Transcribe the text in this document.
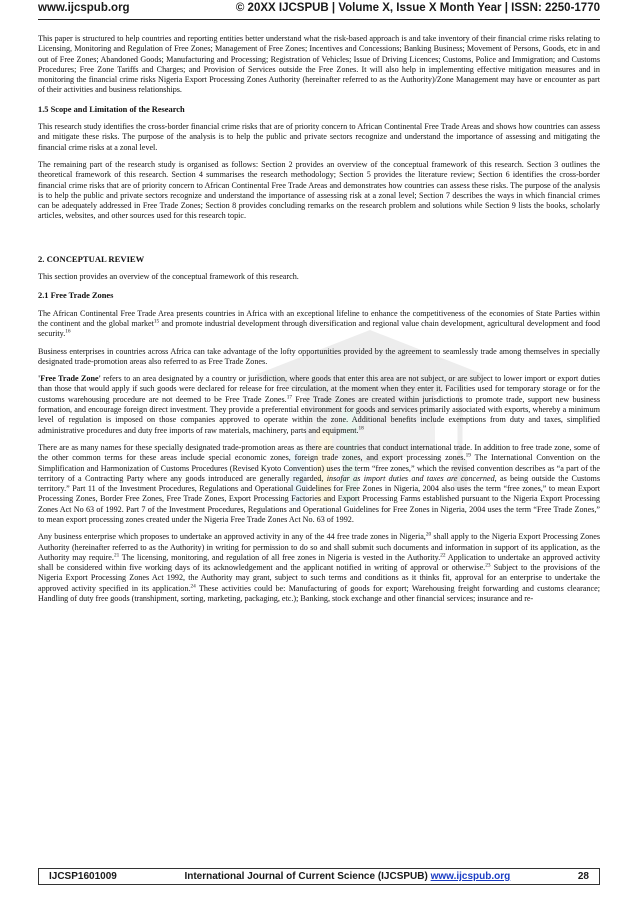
www.ijcspub.org	© 20XX IJCSPUB | Volume X, Issue X Month Year | ISSN: 2250-1770

This paper is structured to help countries and reporting entities better understand what the risk-based approach is and take inventory of their financial crime risks relating to Licensing, Monitoring and Regulation of Free Zones; Management of Free Zones; Incentives and Concessions; Banking Business; Movement of Persons, Goods, etc in and out of Free Zones; Abandoned Goods; Manufacturing and Processing; Registration of Vehicles; Issue of Driving Licences; Customs, Police and Immigration; and Customs Procedures; Free Zone Tariffs and Charges; and Provision of Services outside the Free Zones. It will also help in implementing effective mitigation measures and in monitoring the financial crime risks Nigeria Export Processing Zones Authority (hereinafter referred to as the Authority)/Zone Management may have or encounter as part of their activities and business relationships.

1.5 Scope and Limitation of the Research

This research study identifies the cross-border financial crime risks that are of priority concern to African Continental Free Trade Areas and shows how countries can assess and mitigate these risks. The purpose of the analysis is to help the public and private sectors recognize and understand the importance of assessing and mitigating the financial crime risks at a zonal level.

The remaining part of the research study is organised as follows: Section 2 provides an overview of the conceptual framework of this research. Section 3 outlines the theoretical framework of this research. Section 4 summarises the research methodology; Section 5 provides the literature review; Section 6 identifies the cross-border financial crime risks that are of priority concern to African Continental Free Trade Areas and demonstrates how countries can assess these risks. The purpose of the analysis is to help the public and private sectors recognize and understand the importance of assessing risk at a zonal level; Section 7 describes the ways in which financial crimes can be adequately addressed in Free Trade Zones; Section 8 provides concluding remarks on the research problem and solutions while Section 9 lists the books, scholarly articles, websites, and other sources used for this research topic.

2. CONCEPTUAL REVIEW

This section provides an overview of the conceptual framework of this research.

2.1 Free Trade Zones

The African Continental Free Trade Area presents countries in Africa with an exceptional lifeline to enhance the competitiveness of the economies of State Parties within the continent and the global market$^{15}$ and promote industrial development through diversification and regional value chain development, agricultural development and food security.$^{16}$

Business enterprises in countries across Africa can take advantage of the lofty opportunities provided by the agreement to seamlessly trade among themselves in specially designated trade-promotion areas also referred to as Free Trade Zones.

'Free Trade Zone' refers to an area designated by a country or jurisdiction, where goods that enter this area are not subject, or are subject to lower import or export duties than those that would apply if such goods were declared for release for free circulation, at the moment when they enter it. Facilities used for temporary storage or for the customs warehousing procedure are not deemed to be Free Trade Zones.$^{17}$ Free Trade Zones are created within jurisdictions to promote trade, support new business formation, and encourage foreign direct investment. They provide a preferential environment for goods and services primarily associated with exports, whereby a minimum level of regulation is imposed on those companies approved to operate within the zone. Additional benefits include exemptions from duty and taxes, simplified administrative procedures and duty free imports of raw materials, machinery, parts and equipment.$^{18}$

There are as many names for these specially designated trade-promotion areas as there are countries that conduct international trade. In addition to free trade zone, some of the other common terms for these areas include special economic zones, foreign trade zones, and export processing zones.$^{19}$ The International Convention on the Simplification and Harmonization of Customs Procedures (Revised Kyoto Convention) uses the term “free zones,” which the revised convention describes as “a part of the territory of a Contracting Party where any goods introduced are generally regarded, insofar as import duties and taxes are concerned, as being outside the Customs territory.” Part 11 of the Investment Procedures, Regulations and Operational Guidelines for Free Zones in Nigeria, 2004 also uses the term “free zones,” to mean Export Processing Zones, Border Free Zones, Free Trade Zones, Export Processing Factories and Export Processing Farms established pursuant to the Nigeria Export Processing Zones Act No 63 of 1992. Part 7 of the Investment Procedures, Regulations and Operational Guidelines for Free Zones in Nigeria, 2004 uses the term “Free Trade Zones,” to mean export processing zones created under the Nigeria Free Trade Zones Act No. 63 of 1992.

Any business enterprise which proposes to undertake an approved activity in any of the 44 free trade zones in Nigeria,$^{20}$ shall apply to the Nigeria Export Processing Zones Authority (hereinafter referred to as the Authority) in writing for permission to do so and shall submit such documents and information in support of its application, as the Authority may require.$^{21}$ The licensing, monitoring, and regulation of all free zones in Nigeria is vested in the Authority.$^{22}$ Application to undertake an approved activity shall be considered within five working days of its acknowledgement and the applicant notified in writing of approval or otherwise.$^{23}$ Subject to the provisions of the Nigeria Export Processing Zones Act 1992, the Authority may grant, subject to such terms and conditions as it thinks fit, approval for an enterprise to undertake the approved activity specified in its application.$^{24}$ These activities could be: Manufacturing of goods for export; Warehousing freight forwarding and customs clearance; Handling of duty free goods (transhipment, sorting, marketing, packaging, etc.); Banking, stock exchange and other financial services; insurance and re-

IJCSP1601009	International Journal of Current Science (IJCSPUB) www.ijcspub.org	28
